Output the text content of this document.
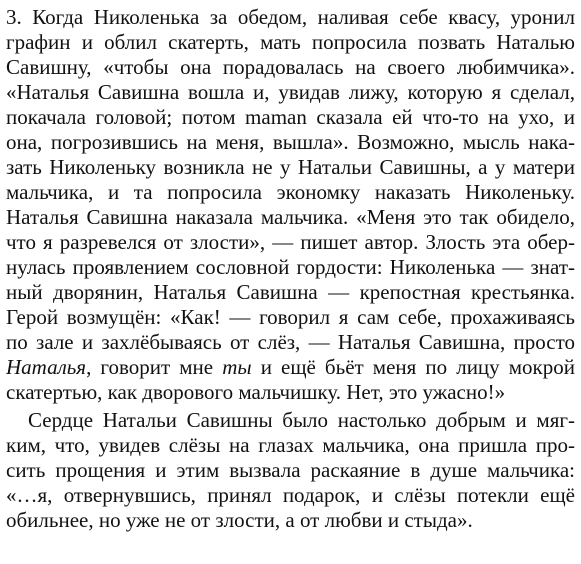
3. Когда Николенька за обедом, наливая себе квасу, уронил
графин и облил скатерть, мать попросила позвать Наталью
Савишну, «чтобы она порадовалась на своего любимчика».
«Наталья Савишна вошла и, увидав лижу, которую я сделал,
покачала головой; потом maman сказала ей что-то на ухо, и
она, погрозившись на меня, вышла». Возможно, мысль нака-
зать Николеньку возникла не у Натальи Савишны, а у матери
мальчика, и та попросила экономку наказать Николеньку.
Наталья Савишна наказала мальчика. «Меня это так обидело,
что я разревелся от злости», — пишет автор. Злость эта обер-
нулась проявлением сословной гордости: Николенька — знат-
ный дворянин, Наталья Савишна — крепостная крестьянка.
Герой возмущён: «Как! — говорил я сам себе, прохаживаясь
по зале и захлёбываясь от слёз, — Наталья Савишна, просто
Наталья, говорит мне ты и ещё бьёт меня по лицу мокрой
скатертью, как дворового мальчишку. Нет, это ужасно!»
Сердце Натальи Савишны было настолько добрым и мяг-
ким, что, увидев слёзы на глазах мальчика, она пришла про-
сить прощения и этим вызвала раскаяние в душе мальчика:
«…я, отвернувшись, принял подарок, и слёзы потекли ещё
обильнее, но уже не от злости, а от любви и стыда».
